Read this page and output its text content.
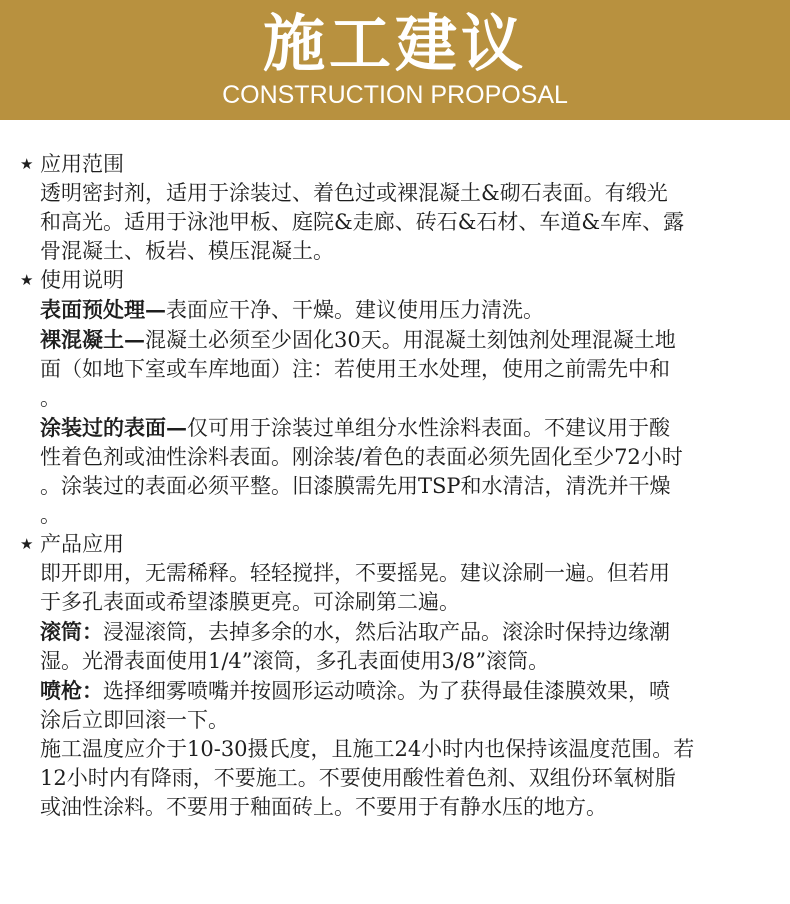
施工建议
CONSTRUCTION PROPOSAL
★ 应用范围
透明密封剂，适用于涂装过、着色过或裸混凝土&砌石表面。有缎光
和高光。适用于泳池甲板、庭院&走廊、砖石&石材、车道&车库、露
骨混凝土、板岩、模压混凝土。
★ 使用说明
表面预处理—表面应干净、干燥。建议使用压力清洗。
裸混凝土—混凝土必须至少固化30天。用混凝土刻蚀剂处理混凝土地
面（如地下室或车库地面）注：若使用王水处理，使用之前需先中和
。
涂装过的表面—仅可用于涂装过单组分水性涂料表面。不建议用于酸
性着色剂或油性涂料表面。刚涂装/着色的表面必须先固化至少72小时
。涂装过的表面必须平整。旧漆膜需先用TSP和水清洁，清洗并干燥
。
★ 产品应用
即开即用，无需稀释。轻轻搅拌，不要摇晃。建议涂刷一遍。但若用
于多孔表面或希望漆膜更亮。可涂刷第二遍。
滚筒：浸湿滚筒，去掉多余的水，然后沾取产品。滚涂时保持边缘潮
湿。光滑表面使用1/4”滚筒，多孔表面使用3/8”滚筒。
喷枪：选择细雾喷嘴并按圆形运动喷涂。为了获得最佳漆膜效果，喷
涂后立即回滚一下。
施工温度应介于10-30摄氏度，且施工24小时内也保持该温度范围。若
12小时内有降雨，不要施工。不要使用酸性着色剂、双组份环氧树脂
或油性涂料。不要用于釉面砖上。不要用于有静水压的地方。
